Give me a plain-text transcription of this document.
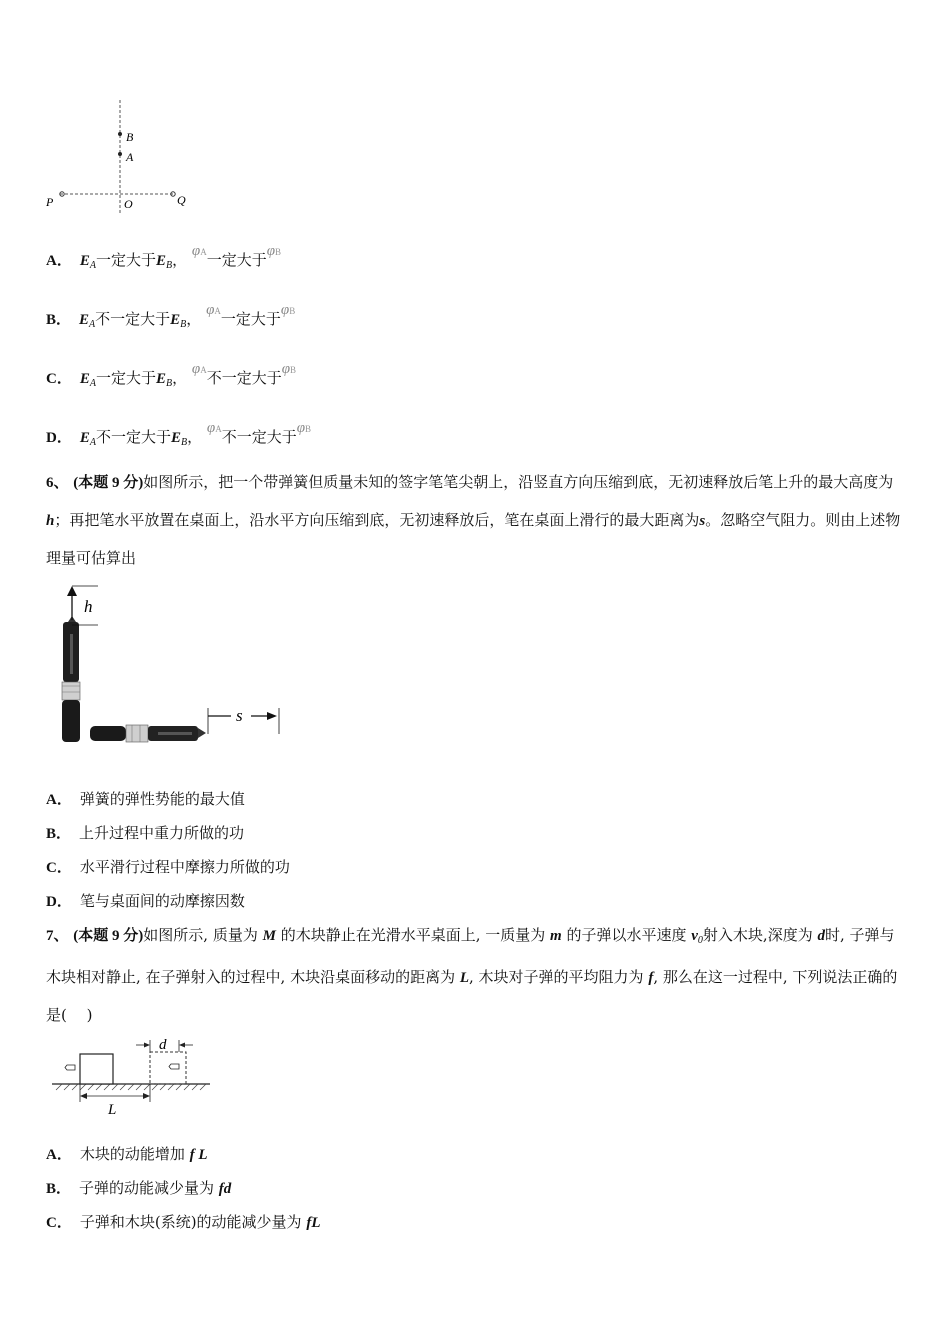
B
A
P	O	Q
A． $E_A$一定大于$E_B$， φA一定大于φB
B． $E_A$不一定大于$E_B$， φA一定大于φB
C． $E_A$一定大于$E_B$， φA不一定大于φB
D． $E_A$不一定大于$E_B$， φA不一定大于φB
6、 (本题 9 分)如图所示，把一个带弹簧但质量未知的签字笔笔尖朝上，沿竖直方向压缩到底，无初速释放后笔上升的最大高度为h；再把笔水平放置在桌面上，沿水平方向压缩到底，无初速释放后，笔在桌面上滑行的最大距离为s。忽略空气阻力。则由上述物理量可估算出
h
s
A． 弹簧的弹性势能的最大值
B． 上升过程中重力所做的功
C． 水平滑行过程中摩擦力所做的功
D． 笔与桌面间的动摩擦因数
7、 (本题 9 分)如图所示, 质量为 M 的木块静止在光滑水平桌面上, 一质量为 m 的子弹以水平速度 $v_0$射入木块,深度为 d时, 子弹与木块相对静止, 在子弹射入的过程中, 木块沿桌面移动的距离为 L, 木块对子弹的平均阻力为 f, 那么在这一过程中, 下列说法正确的是(　 )
d
L
A． 木块的动能增加 f L
B． 子弹的动能减少量为 fd
C． 子弹和木块(系统)的动能减少量为 fL
